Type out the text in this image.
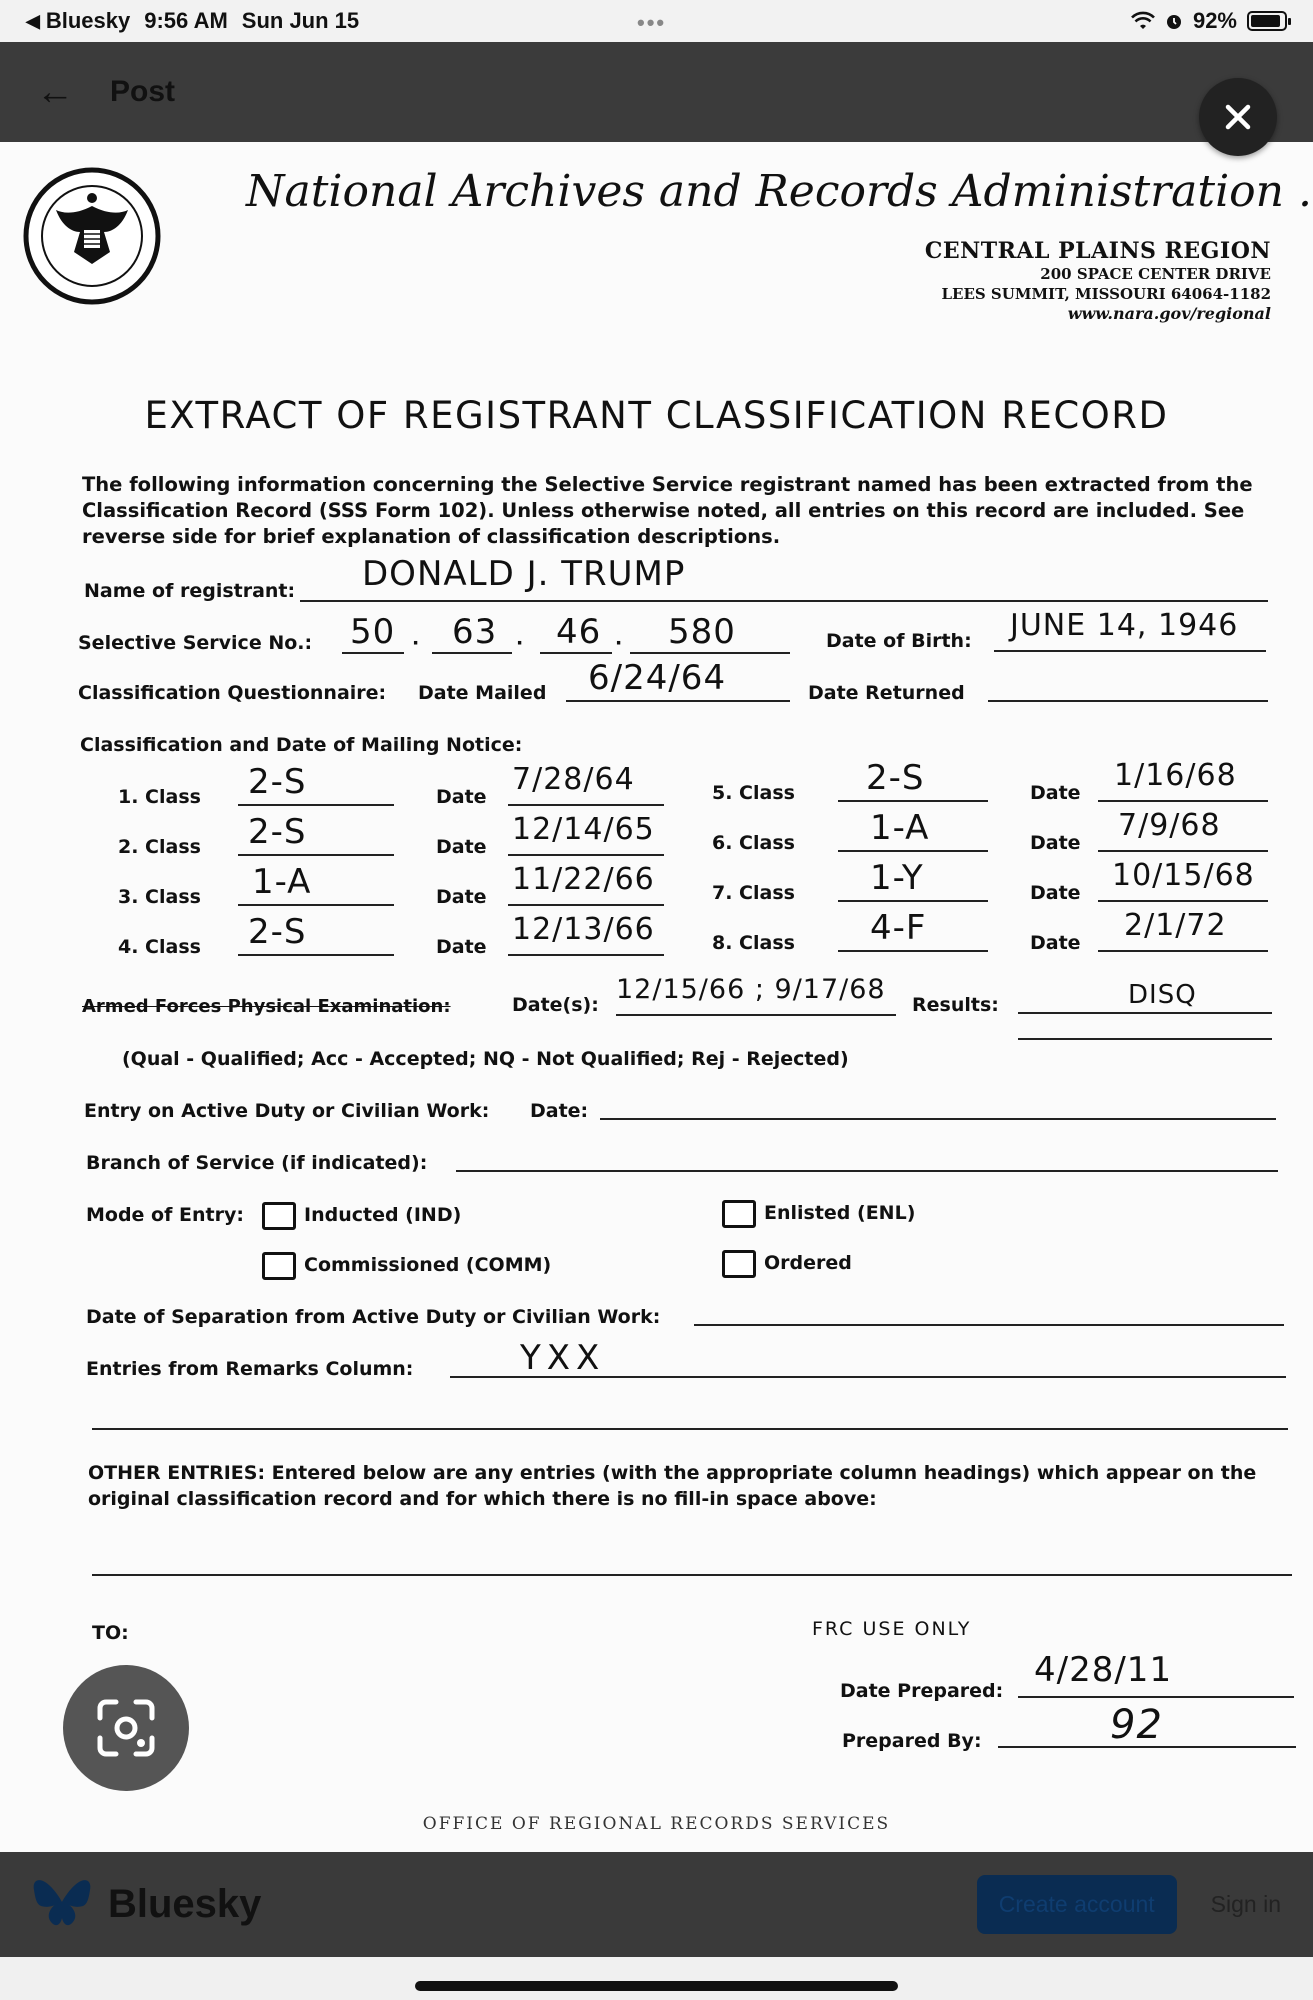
◀ Bluesky 9:56 AM Sun Jun 15	•••	92%
← Post
National Archives and Records Administration .
CENTRAL PLAINS REGION
200 SPACE CENTER DRIVE
LEES SUMMIT, MISSOURI 64064-1182
www.nara.gov/regional
EXTRACT OF REGISTRANT CLASSIFICATION RECORD
The following information concerning the Selective Service registrant named has been extracted from the Classification Record (SSS Form 102). Unless otherwise noted, all entries on this record are included. See reverse side for brief explanation of classification descriptions.
Name of registrant: DONALD J. TRUMP
Selective Service No.: 50 · 63 · 46 · 580	Date of Birth: JUNE 14, 1946
Classification Questionnaire: Date Mailed 6/24/64	Date Returned
Classification and Date of Mailing Notice:
1. Class 2-S	Date 7/28/64
2. Class 2-S	Date 12/14/65
3. Class 1-A	Date 11/22/66
4. Class 2-S	Date 12/13/66
5. Class 2-S	Date 1/16/68
6. Class 1-A	Date 7/9/68
7. Class 1-Y	Date 10/15/68
8. Class 4-F	Date 2/1/72
Armed Forces Physical Examination:	Date(s): 12/15/66 ; 9/17/68 Results:	DISQ
(Qual - Qualified; Acc - Accepted; NQ - Not Qualified; Rej - Rejected)
Entry on Active Duty or Civilian Work: Date:
Branch of Service (if indicated):
Mode of Entry:	Inducted (IND)	Enlisted (ENL)
Commissioned (COMM)	Ordered
Date of Separation from Active Duty or Civilian Work:
Entries from Remarks Column:	YXX
OTHER ENTRIES: Entered below are any entries (with the appropriate column headings) which appear on the original classification record and for which there is no fill-in space above:
TO:	FRC USE ONLY
Date Prepared:
4/28/11
Prepared By:	92
OFFICE OF REGIONAL RECORDS SERVICES
Bluesky	Create account	Sign in
